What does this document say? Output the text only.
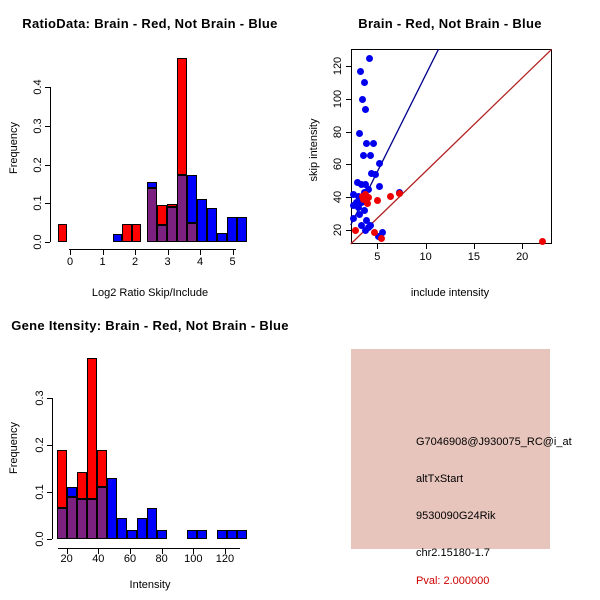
RatioData: Brain - Red, Not Brain - Blue
Frequency
Log2 Ratio Skip/Include
0 1 2 3 4 5
0.0
0.1
0.2
0.3
0.4
Brain - Red, Not Brain - Blue
skip intensity
include intensity
5	10	15	20
20
40
60
80
100
120
Gene Itensity: Brain - Red, Not Brain - Blue
Frequency
Intensity
20 40 60 80 100 120
0.0
0.1
0.2
0.3
G7046908@J930075_RC@i_at
altTxStart
9530090G24Rik
chr2.15180-1.7
Pval: 2.000000
